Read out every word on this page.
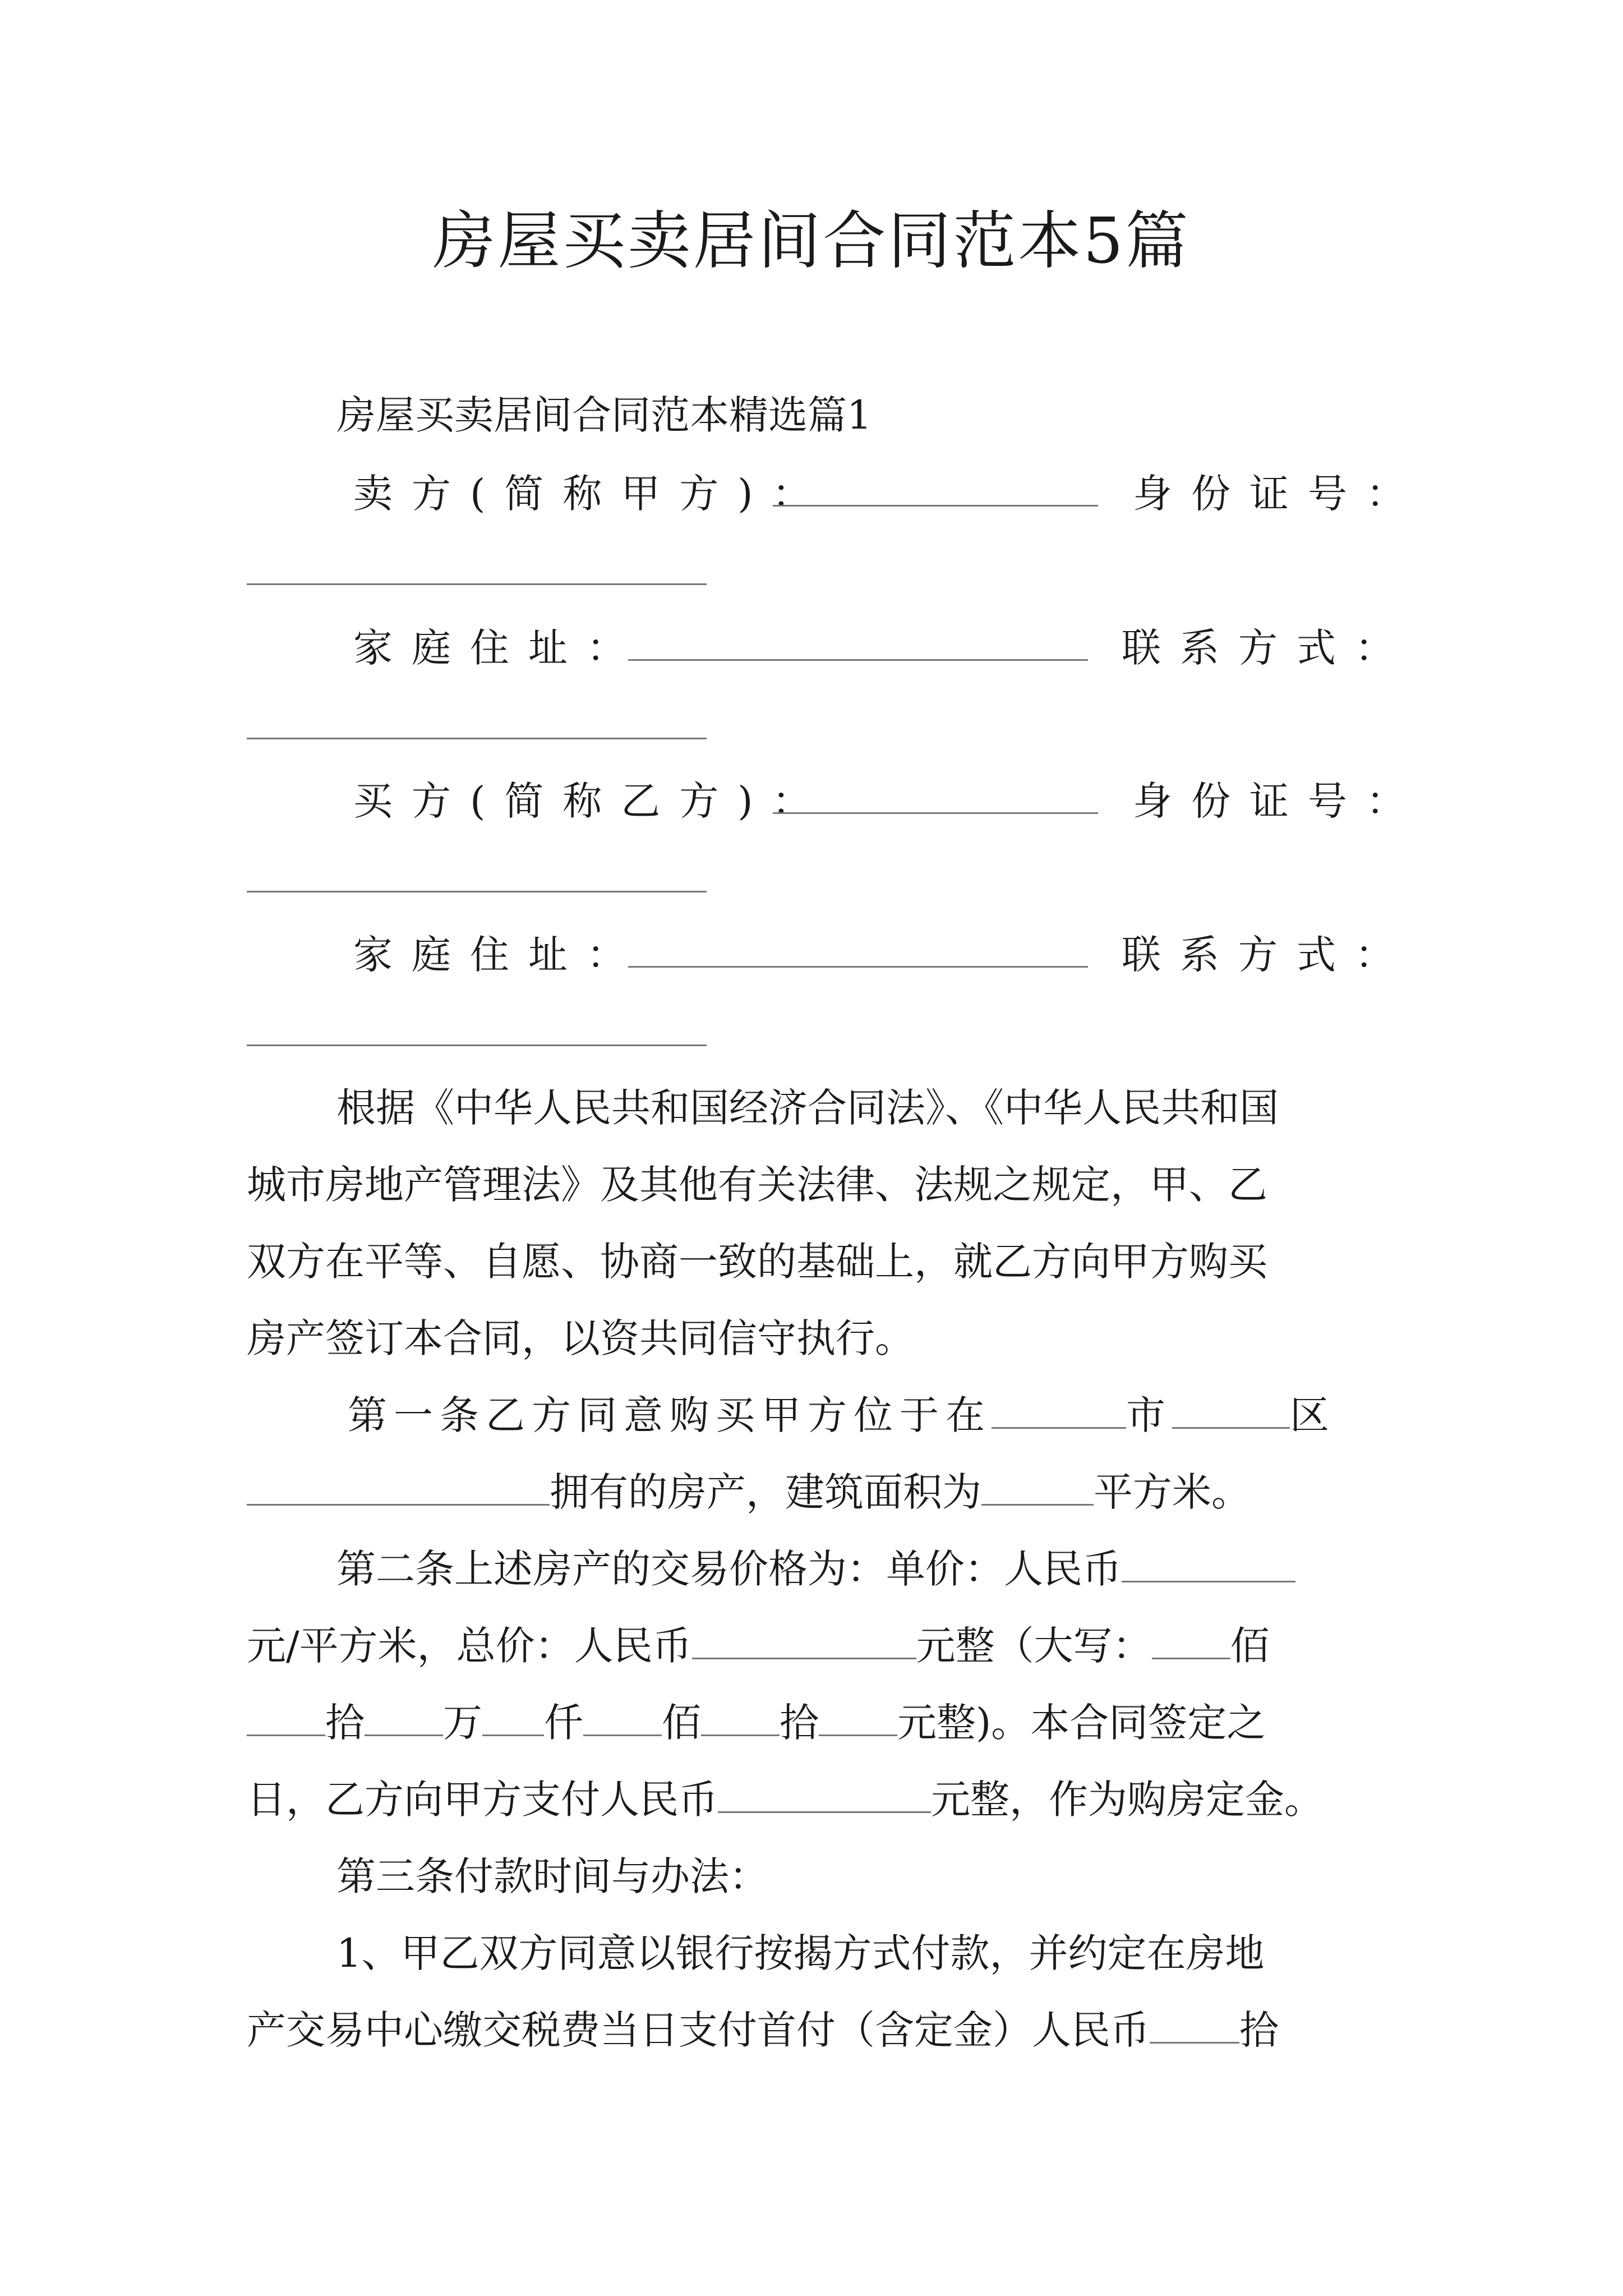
房屋买卖居间合同范本5篇
房屋买卖居间合同范本精选篇1
卖方(简称甲方)：	身份证号：
家庭住址：	联系方式：
买方(简称乙方)：	身份证号：
家庭住址：	联系方式：
根据《中华人民共和国经济合同法》、《中华人民共和国
城市房地产管理法》及其他有关法律、法规之规定，甲、乙
双方在平等、自愿、协商一致的基础上，就乙方向甲方购买
房产签订本合同，以资共同信守执行。
第一条乙方同意购买甲方位于在	市	区
拥有的房产，建筑面积为	平方米。
第二条上述房产的交易价格为：单价：人民币
元/平方米，总价：人民币	元整（大写： 佰
拾 万 仟 佰 拾 元整)。本合同签定之
日，乙方向甲方支付人民币	元整，作为购房定金。
第三条付款时间与办法：
1、甲乙双方同意以银行按揭方式付款，并约定在房地
产交易中心缴交税费当日支付首付（含定金）人民币 拾
